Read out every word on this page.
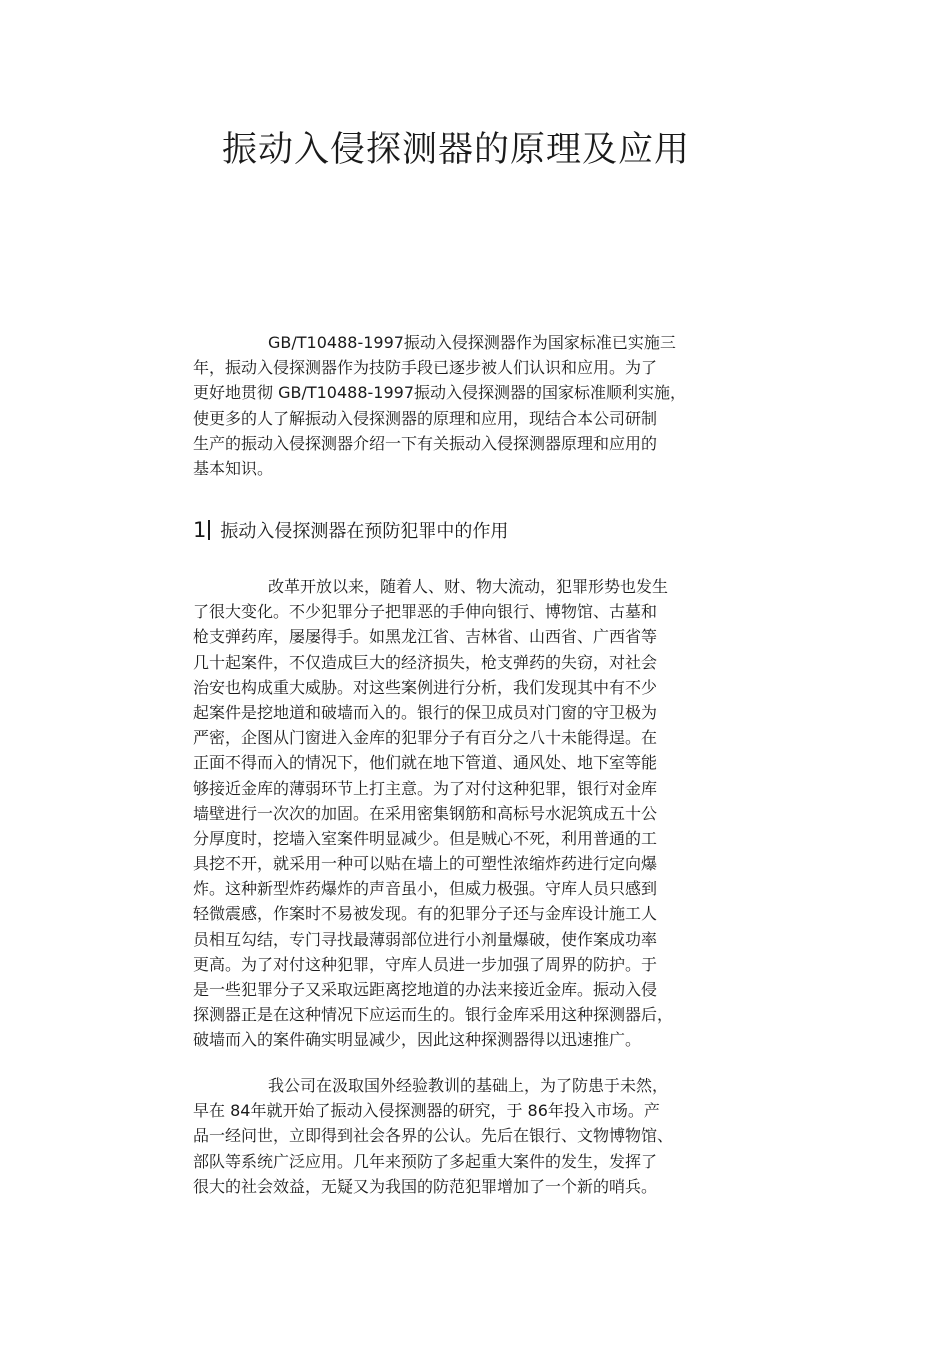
振动入侵探测器的原理及应用
GB/T10488-1997振动入侵探测器作为国家标准已实施三
年，振动入侵探测器作为技防手段已逐步被人们认识和应用。为了
更好地贯彻 GB/T10488-1997振动入侵探测器的国家标准顺利实施，
使更多的人了解振动入侵探测器的原理和应用，现结合本公司研制
生产的振动入侵探测器介绍一下有关振动入侵探测器原理和应用的
基本知识。
1 振动入侵探测器在预防犯罪中的作用
改革开放以来，随着人、财、物大流动，犯罪形势也发生
了很大变化。不少犯罪分子把罪恶的手伸向银行、博物馆、古墓和
枪支弹药库，屡屡得手。如黑龙江省、吉林省、山西省、广西省等
几十起案件，不仅造成巨大的经济损失，枪支弹药的失窃，对社会
治安也构成重大威胁。对这些案例进行分析，我们发现其中有不少
起案件是挖地道和破墙而入的。银行的保卫成员对门窗的守卫极为
严密，企图从门窗进入金库的犯罪分子有百分之八十未能得逞。在
正面不得而入的情况下，他们就在地下管道、通风处、地下室等能
够接近金库的薄弱环节上打主意。为了对付这种犯罪，银行对金库
墙壁进行一次次的加固。在采用密集钢筋和高标号水泥筑成五十公
分厚度时，挖墙入室案件明显减少。但是贼心不死，利用普通的工
具挖不开，就采用一种可以贴在墙上的可塑性浓缩炸药进行定向爆
炸。这种新型炸药爆炸的声音虽小，但威力极强。守库人员只感到
轻微震感，作案时不易被发现。有的犯罪分子还与金库设计施工人
员相互勾结，专门寻找最薄弱部位进行小剂量爆破，使作案成功率
更高。为了对付这种犯罪，守库人员进一步加强了周界的防护。于
是一些犯罪分子又采取远距离挖地道的办法来接近金库。振动入侵
探测器正是在这种情况下应运而生的。银行金库采用这种探测器后，
破墙而入的案件确实明显减少，因此这种探测器得以迅速推广。
我公司在汲取国外经验教训的基础上，为了防患于未然，
早在 84年就开始了振动入侵探测器的研究，于 86年投入市场。产
品一经问世，立即得到社会各界的公认。先后在银行、文物博物馆、
部队等系统广泛应用。几年来预防了多起重大案件的发生，发挥了
很大的社会效益，无疑又为我国的防范犯罪增加了一个新的哨兵。
